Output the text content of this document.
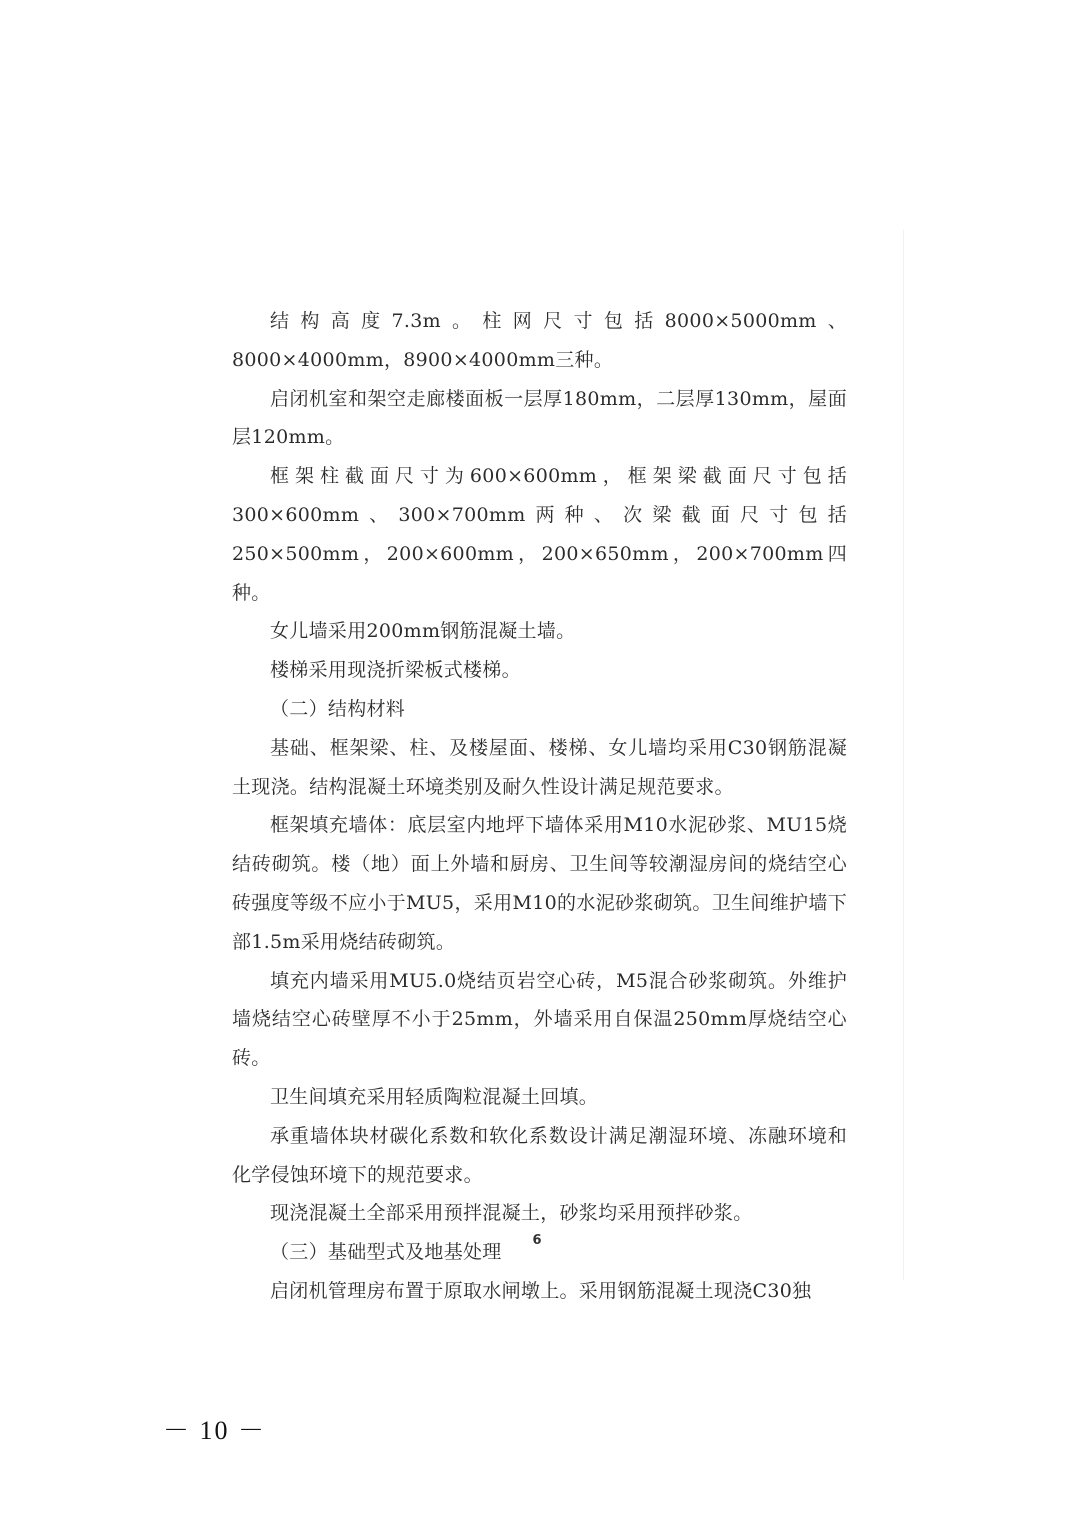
结构高度7.3m。柱网尺寸包括8000×5000mm、8000×4000mm，8900×4000mm三种。

启闭机室和架空走廊楼面板一层厚180mm，二层厚130mm，屋面层120mm。

框架柱截面尺寸为600×600mm，框架梁截面尺寸包括300×600mm、300×700mm两种、次梁截面尺寸包括250×500mm，200×600mm，200×650mm，200×700mm四种。

女儿墙采用200mm钢筋混凝土墙。

楼梯采用现浇折梁板式楼梯。

（二）结构材料

基础、框架梁、柱、及楼屋面、楼梯、女儿墙均采用C30钢筋混凝土现浇。结构混凝土环境类别及耐久性设计满足规范要求。

框架填充墙体：底层室内地坪下墙体采用M10水泥砂浆、MU15烧结砖砌筑。楼（地）面上外墙和厨房、卫生间等较潮湿房间的烧结空心砖强度等级不应小于MU5，采用M10的水泥砂浆砌筑。卫生间维护墙下部1.5m采用烧结砖砌筑。

填充内墙采用MU5.0烧结页岩空心砖，M5混合砂浆砌筑。外维护墙烧结空心砖壁厚不小于25mm，外墙采用自保温250mm厚烧结空心砖。

卫生间填充采用轻质陶粒混凝土回填。

承重墙体块材碳化系数和软化系数设计满足潮湿环境、冻融环境和化学侵蚀环境下的规范要求。

现浇混凝土全部采用预拌混凝土，砂浆均采用预拌砂浆。

（三）基础型式及地基处理

启闭机管理房布置于原取水闸墩上。采用钢筋混凝土现浇C30独

6
－ 10 －
